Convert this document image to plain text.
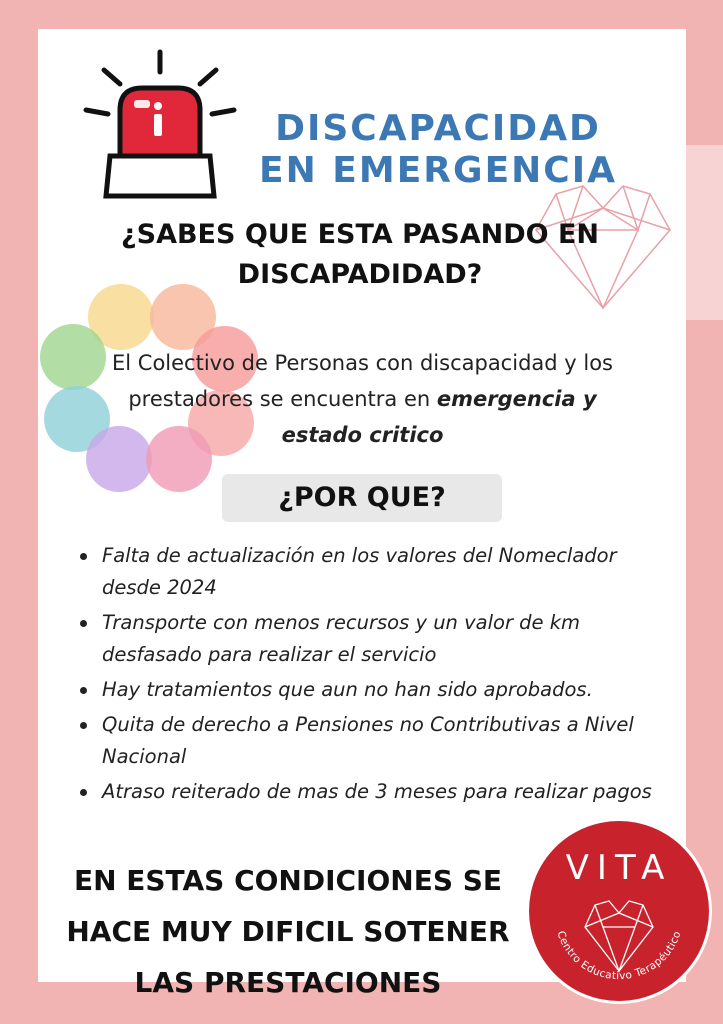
DISCAPACIDAD
EN EMERGENCIA
¿SABES QUE ESTA PASANDO EN
DISCAPADIDAD?
El Colectivo de Personas con discapacidad y los prestadores se encuentra en emergencia y
estado critico
¿POR QUE?
Falta de actualización en los valores del Nomeclador desde 2024
Transporte con menos recursos y un valor de km desfasado para realizar el servicio
Hay tratamientos que aun no han sido aprobados.
Quita de derecho a Pensiones no Contributivas a Nivel Nacional
Atraso reiterado de mas de 3 meses para realizar pagos
EN ESTAS CONDICIONES SE
HACE MUY DIFICIL SOTENER
LAS PRESTACIONES
VITA
Centro Educativo Terapéutico
